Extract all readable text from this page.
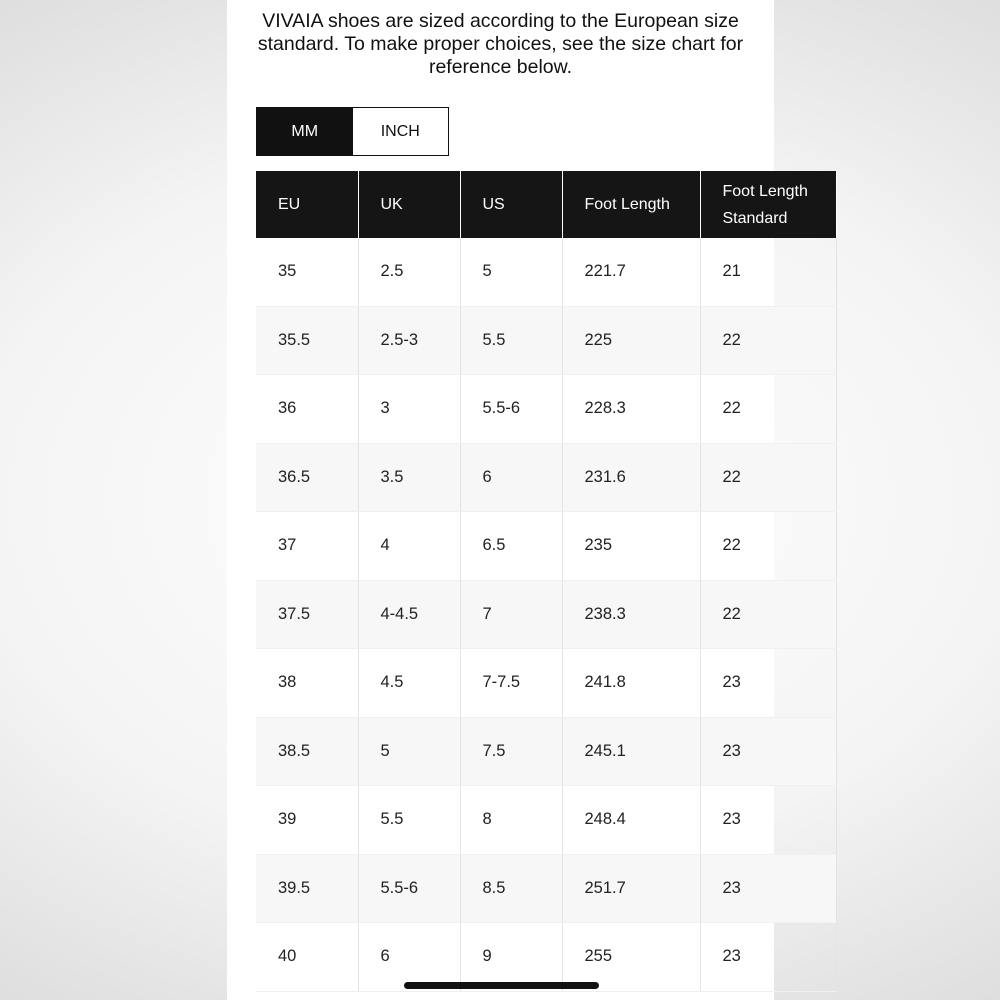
VIVAIA shoes are sized according to the European size standard. To make proper choices, see the size chart for reference below.

MM	INCH
EU	UK	US	Foot Length	Foot Length Standard
35	2.5	5	221.7	21
35.5	2.5-3	5.5	225	22
36	3	5.5-6	228.3	22
36.5	3.5	6	231.6	22
37	4	6.5	235	22
37.5	4-4.5	7	238.3	22
38	4.5	7-7.5	241.8	23
38.5	5	7.5	245.1	23
39	5.5	8	248.4	23
39.5	5.5-6	8.5	251.7	23
40	6	9	255	23
